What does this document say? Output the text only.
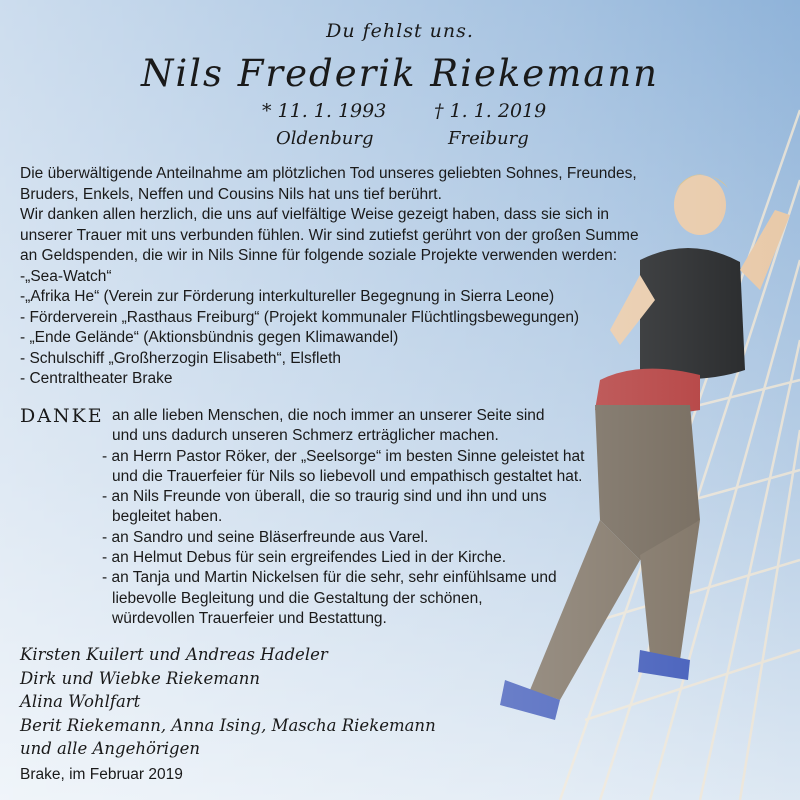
Du fehlst uns.
Nils Frederik Riekemann
* 11. 1. 1993	† 1. 1. 2019
Oldenburg	Freiburg

Die überwältigende Anteilnahme am plötzlichen Tod unseres geliebten Sohnes, Freundes,

Bruders, Enkels, Neffen und Cousins Nils hat uns tief berührt.

Wir danken allen herzlich, die uns auf vielfältige Weise gezeigt haben, dass sie sich in

unserer Trauer mit uns verbunden fühlen. Wir sind zutiefst gerührt von der großen Summe

an Geldspenden, die wir in Nils Sinne für folgende soziale Projekte verwenden werden:

-„Sea-Watch“

-„Afrika He“ (Verein zur Förderung interkultureller Begegnung in Sierra Leone)

- Förderverein „Rasthaus Freiburg“ (Projekt kommunaler Flüchtlingsbewegungen)

- „Ende Gelände“ (Aktionsbündnis gegen Klimawandel)

- Schulschiff „Großherzogin Elisabeth“, Elsfleth

- Centraltheater Brake

DANKE an alle lieben Menschen, die noch immer an unserer Seite sind

und uns dadurch unseren Schmerz erträglicher machen.

- an Herrn Pastor Röker, der „Seelsorge“ im besten Sinne geleistet hat

und die Trauerfeier für Nils so liebevoll und empathisch gestaltet hat.

- an Nils Freunde von überall, die so traurig sind und ihn und uns

begleitet haben.

- an Sandro und seine Bläserfreunde aus Varel.

- an Helmut Debus für sein ergreifendes Lied in der Kirche.

- an Tanja und Martin Nickelsen für die sehr, sehr einfühlsame und

liebevolle Begleitung und die Gestaltung der schönen,

würdevollen Trauerfeier und Bestattung.

Kirsten Kuilert und Andreas Hadeler

Dirk und Wiebke Riekemann

Alina Wohlfart

Berit Riekemann, Anna Ising, Mascha Riekemann

und alle Angehörigen

Brake, im Februar 2019
